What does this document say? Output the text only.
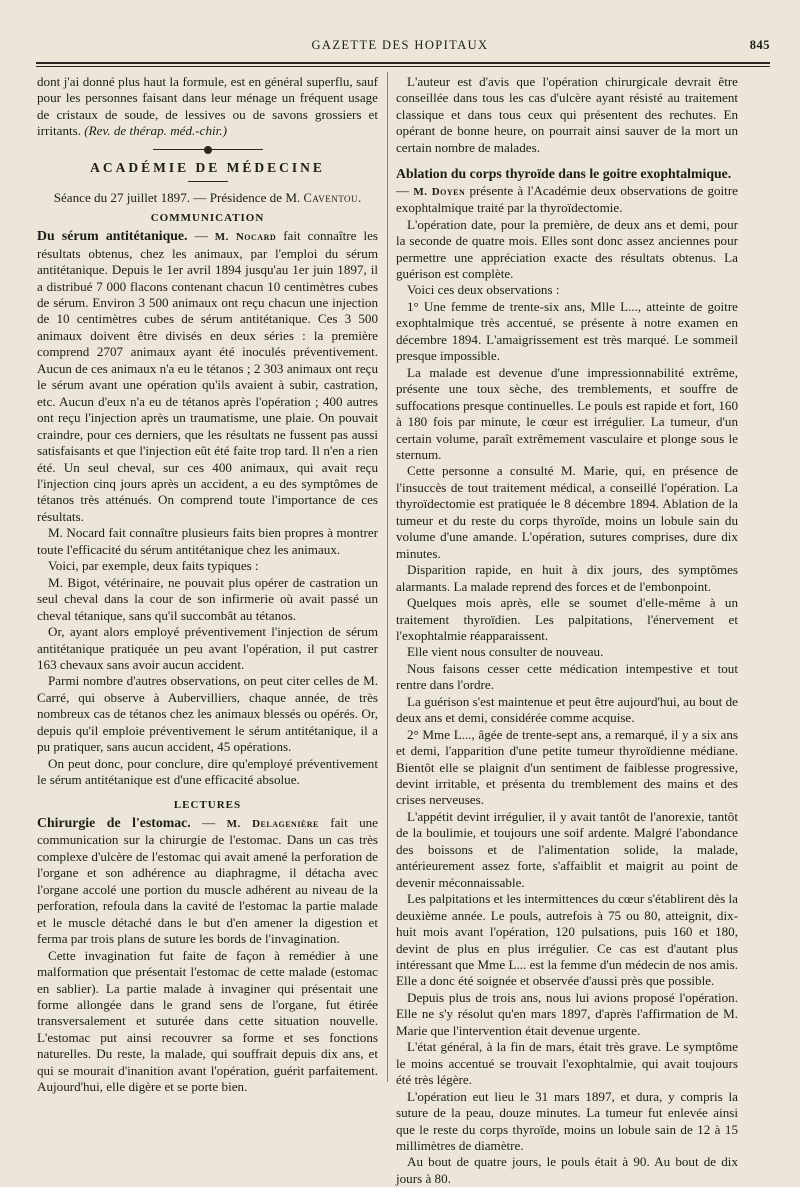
GAZETTE DES HOPITAUX	845

dont j'ai donné plus haut la formule, est en général superflu, sauf pour les personnes faisant dans leur ménage un fréquent usage de cristaux de soude, de lessives ou de savons grossiers et irritants. (Rev. de thérap. méd.-chir.)

ACADÉMIE DE MÉDECINE
Séance du 27 juillet 1897. — Présidence de M. Caventou.
COMMUNICATION

Du sérum antitétanique. — M. Nocard fait connaître les résultats obtenus, chez les animaux, par l'emploi du sérum antitétanique. Depuis le 1er avril 1894 jusqu'au 1er juin 1897, il a distribué 7 000 flacons contenant chacun 10 centimètres cubes de sérum. Environ 3 500 animaux ont reçu chacun une injection de 10 centimètres cubes de sérum antitétanique. Ces 3 500 animaux doivent être divisés en deux séries : la première comprend 2707 animaux ayant été inoculés préventivement. Aucun de ces animaux n'a eu le tétanos ; 2 303 animaux ont reçu le sérum avant une opération qu'ils avaient à subir, castration, etc. Aucun d'eux n'a eu de tétanos après l'opération ; 400 autres ont reçu l'injection après un traumatisme, une plaie. On pouvait craindre, pour ces derniers, que les résultats ne fussent pas aussi satisfaisants et que l'injection eût été faite trop tard. Il n'en a rien été. Un seul cheval, sur ces 400 animaux, qui avait reçu l'injection cinq jours après un accident, a eu des symptômes de tétanos très atténués. On comprend toute l'importance de ces résultats.

M. Nocard fait connaître plusieurs faits bien propres à montrer toute l'efficacité du sérum antitétanique chez les animaux.

Voici, par exemple, deux faits typiques :

M. Bigot, vétérinaire, ne pouvait plus opérer de castration un seul cheval dans la cour de son infirmerie où avait passé un cheval tétanique, sans qu'il succombât au tétanos.

Or, ayant alors employé préventivement l'injection de sérum antitétanique pratiquée un peu avant l'opération, il put castrer 163 chevaux sans avoir aucun accident.

Parmi nombre d'autres observations, on peut citer celles de M. Carré, qui observe à Aubervilliers, chaque année, de très nombreux cas de tétanos chez les animaux blessés ou opérés. Or, depuis qu'il emploie préventivement le sérum antitétanique, il a pu pratiquer, sans aucun accident, 45 opérations.

On peut donc, pour conclure, dire qu'employé préventivement le sérum antitétanique est d'une efficacité absolue.

LECTURES

Chirurgie de l'estomac. — M. Delagenière fait une communication sur la chirurgie de l'estomac. Dans un cas très complexe d'ulcère de l'estomac qui avait amené la perforation de l'organe et son adhérence au diaphragme, il détacha avec l'organe accolé une portion du muscle adhérent au niveau de la perforation, refoula dans la cavité de l'estomac la partie malade et le muscle détaché dans le but d'en amener la digestion et ferma par trois plans de suture les bords de l'invagination.

Cette invagination fut faite de façon à remédier à une malformation que présentait l'estomac de cette malade (estomac en sablier). La partie malade à invaginer qui présentait une forme allongée dans le grand sens de l'organe, fut étirée transversalement et suturée dans cette situation nouvelle. L'estomac put ainsi recouvrer sa forme et ses fonctions naturelles. Du reste, la malade, qui souffrait depuis dix ans, et qui se mourait d'inanition avant l'opération, guérit parfaitement. Aujourd'hui, elle digère et se porte bien.

L'auteur est d'avis que l'opération chirurgicale devrait être conseillée dans tous les cas d'ulcère ayant résisté au traitement classique et dans tous ceux qui présentent des rechutes. En opérant de bonne heure, on pourrait ainsi sauver de la mort un certain nombre de malades.

Ablation du corps thyroïde dans le goitre exophtalmique.
— M. Doyen présente à l'Académie deux observations de goitre exophtalmique traité par la thyroïdectomie.

L'opération date, pour la première, de deux ans et demi, pour la seconde de quatre mois. Elles sont donc assez anciennes pour permettre une appréciation exacte des résultats obtenus. La guérison est complète.

Voici ces deux observations :

1° Une femme de trente-six ans, Mlle L..., atteinte de goitre exophtalmique très accentué, se présente à notre examen en décembre 1894. L'amaigrissement est très marqué. Le sommeil presque impossible.

La malade est devenue d'une impressionnabilité extrême, présente une toux sèche, des tremblements, et souffre de suffocations presque continuelles. Le pouls est rapide et fort, 160 à 180 fois par minute, le cœur est irrégulier. La tumeur, d'un certain volume, paraît extrêmement vasculaire et plonge sous le sternum.

Cette personne a consulté M. Marie, qui, en présence de l'insuccès de tout traitement médical, a conseillé l'opération. La thyroïdectomie est pratiquée le 8 décembre 1894. Ablation de la tumeur et du reste du corps thyroïde, moins un lobule sain du volume d'une amande. L'opération, sutures comprises, dure dix minutes.

Disparition rapide, en huit à dix jours, des symptômes alarmants. La malade reprend des forces et de l'embonpoint.

Quelques mois après, elle se soumet d'elle-même à un traitement thyroïdien. Les palpitations, l'énervement et l'exophtalmie réapparaissent.

Elle vient nous consulter de nouveau.

Nous faisons cesser cette médication intempestive et tout rentre dans l'ordre.

La guérison s'est maintenue et peut être aujourd'hui, au bout de deux ans et demi, considérée comme acquise.

2° Mme L..., âgée de trente-sept ans, a remarqué, il y a six ans et demi, l'apparition d'une petite tumeur thyroïdienne médiane. Bientôt elle se plaignit d'un sentiment de faiblesse progressive, devint irritable, et présenta du tremblement des mains et des crises nerveuses.

L'appétit devint irrégulier, il y avait tantôt de l'anorexie, tantôt de la boulimie, et toujours une soif ardente. Malgré l'abondance des boissons et de l'alimentation solide, la malade, antérieurement assez forte, s'affaiblit et maigrit au point de devenir méconnaissable.

Les palpitations et les intermittences du cœur s'établirent dès la deuxième année. Le pouls, autrefois à 75 ou 80, atteignit, dix-huit mois avant l'opération, 120 pulsations, puis 160 et 180, devint de plus en plus irrégulier. Ce cas est d'autant plus intéressant que Mme L... est la femme d'un médecin de nos amis. Elle a donc été soignée et observée d'aussi près que possible.

Depuis plus de trois ans, nous lui avions proposé l'opération. Elle ne s'y résolut qu'en mars 1897, d'après l'affirmation de M. Marie que l'intervention était devenue urgente.

L'état général, à la fin de mars, était très grave. Le symptôme le moins accentué se trouvait l'exophtalmie, qui avait toujours été très légère.

L'opération eut lieu le 31 mars 1897, et dura, y compris la suture de la peau, douze minutes. La tumeur fut enlevée ainsi que le reste du corps thyroïde, moins un lobule sain de 12 à 15 millimètres de diamètre.

Au bout de quatre jours, le pouls était à 90. Au bout de dix jours à 80.
